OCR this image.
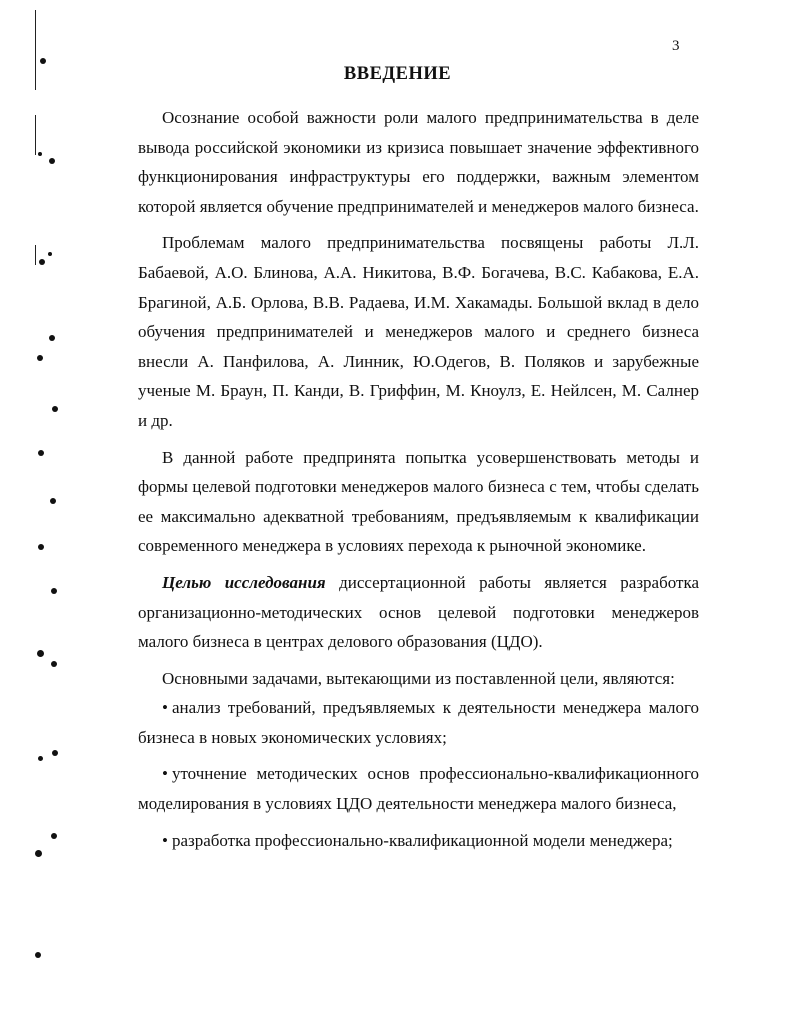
3
ВВЕДЕНИЕ

Осознание особой важности роли малого предпринимательства в деле вывода российской экономики из кризиса повышает значение эффективного функционирования инфраструктуры его поддержки, важным элементом которой является обучение предпринимателей и менеджеров малого бизнеса.

Проблемам малого предпринимательства посвящены работы Л.Л. Бабаевой, А.О. Блинова, А.А. Никитова, В.Ф. Богачева, В.С. Кабакова, Е.А. Брагиной, А.Б. Орлова, В.В. Радаева, И.М. Хакамады. Большой вклад в дело обучения предпринимателей и менеджеров малого и среднего бизнеса внесли А. Панфилова, А. Линник, Ю.Одегов, В. Поляков и зарубежные ученые М. Браун, П. Канди, В. Гриффин, М. Кноулз, Е. Нейлсен, М. Салнер и др.

В данной работе предпринята попытка усовершенствовать методы и формы целевой подготовки менеджеров малого бизнеса с тем, чтобы сделать ее максимально адекватной требованиям, предъявляемым к квалификации современного менеджера в условиях перехода к рыночной экономике.

Целью исследования диссертационной работы является разработка организационно-методических основ целевой подготовки менеджеров малого бизнеса в центрах делового образования (ЦДО).

Основными задачами, вытекающими из поставленной цели, являются:

• анализ требований, предъявляемых к деятельности менеджера малого бизнеса в новых экономических условиях;

• уточнение методических основ профессионально-квалификационного моделирования в условиях ЦДО деятельности менеджера малого бизнеса,

• разработка профессионально-квалификационной модели менеджера;
